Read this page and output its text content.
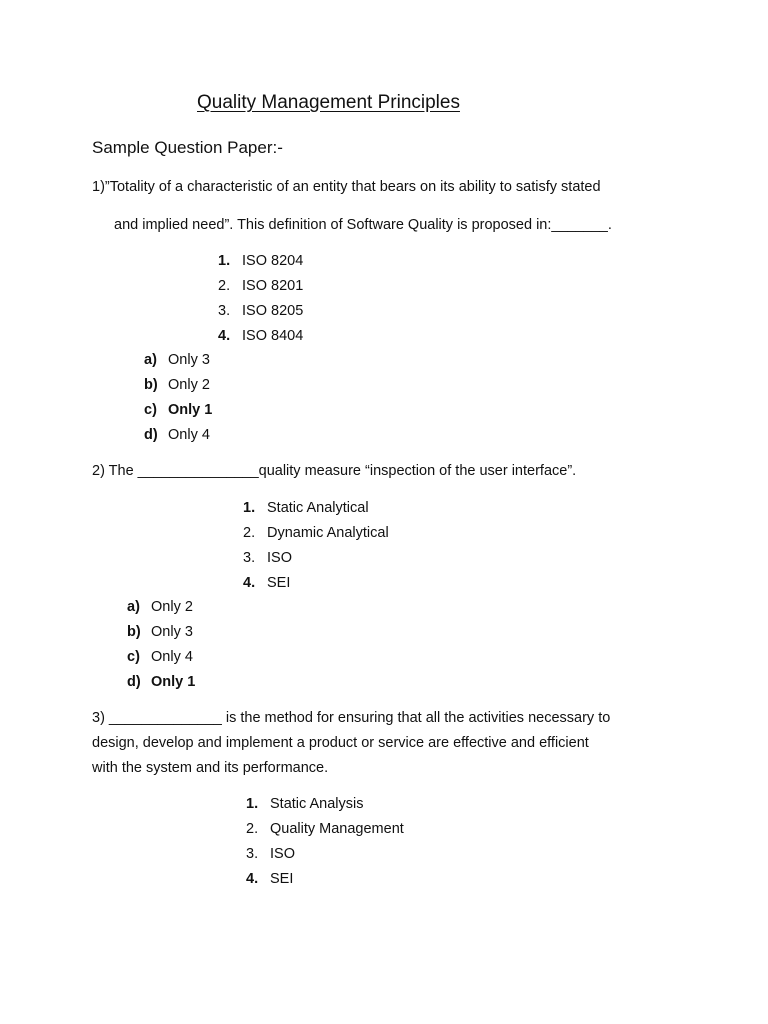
Quality Management Principles
Sample Question Paper:-
1)”Totality of a characteristic of an entity that bears on its ability to satisfy stated
and implied need”. This definition of Software Quality is proposed in:_______.
1. ISO 8204
2. ISO 8201
3. ISO 8205
4. ISO 8404
a) Only 3
b) Only 2
c) Only 1
d) Only 4
2) The _______________quality measure “inspection of the user interface”.
1. Static Analytical
2. Dynamic Analytical
3. ISO
4. SEI
a) Only 2
b) Only 3
c) Only 4
d) Only 1
3) ______________ is the method for ensuring that all the activities necessary to
design, develop and implement a product or service are effective and efficient
with the system and its performance.
1. Static Analysis
2. Quality Management
3. ISO
4. SEI
